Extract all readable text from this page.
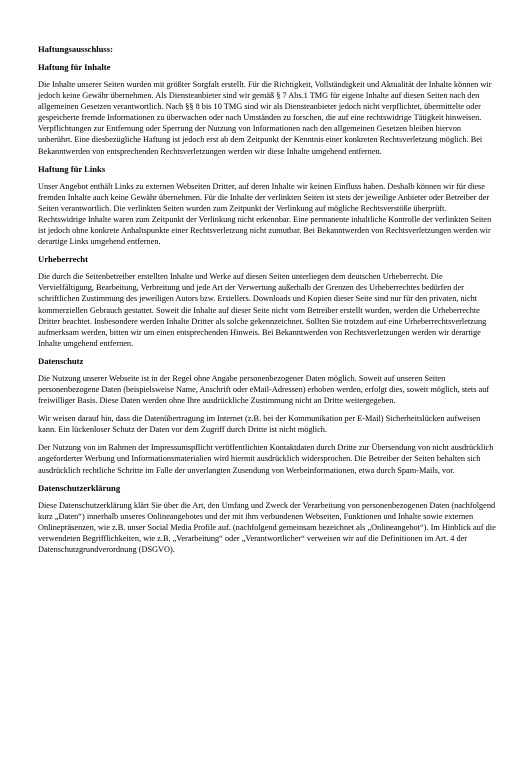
Haftungsausschluss:
Haftung für Inhalte

Die Inhalte unserer Seiten wurden mit größter Sorgfalt erstellt. Für die Richtigkeit, Vollständigkeit und Aktualität der Inhalte können wir jedoch keine Gewähr übernehmen. Als Diensteanbieter sind wir gemäß § 7 Abs.1 TMG für eigene Inhalte auf diesen Seiten nach den allgemeinen Gesetzen verantwortlich. Nach §§ 8 bis 10 TMG sind wir als Diensteanbieter jedoch nicht verpflichtet, übermittelte oder gespeicherte fremde Informationen zu überwachen oder nach Umständen zu forschen, die auf eine rechtswidrige Tätigkeit hinweisen. Verpflichtungen zur Entfernung oder Sperrung der Nutzung von Informationen nach den allgemeinen Gesetzen bleiben hiervon unberührt. Eine diesbezügliche Haftung ist jedoch erst ab dem Zeitpunkt der Kenntnis einer konkreten Rechtsverletzung möglich. Bei Bekanntwerden von entsprechenden Rechtsverletzungen werden wir diese Inhalte umgehend entfernen.

Haftung für Links

Unser Angebot enthält Links zu externen Webseiten Dritter, auf deren Inhalte wir keinen Einfluss haben. Deshalb können wir für diese fremden Inhalte auch keine Gewähr übernehmen. Für die Inhalte der verlinkten Seiten ist stets der jeweilige Anbieter oder Betreiber der Seiten verantwortlich. Die verlinkten Seiten wurden zum Zeitpunkt der Verlinkung auf mögliche Rechtsverstöße überprüft. Rechtswidrige Inhalte waren zum Zeitpunkt der Verlinkung nicht erkennbar. Eine permanente inhaltliche Kontrolle der verlinkten Seiten ist jedoch ohne konkrete Anhaltspunkte einer Rechtsverletzung nicht zumutbar. Bei Bekanntwerden von Rechtsverletzungen werden wir derartige Links umgehend entfernen.

Urheberrecht

Die durch die Seitenbetreiber erstellten Inhalte und Werke auf diesen Seiten unterliegen dem deutschen Urheberrecht. Die Vervielfältigung, Bearbeitung, Verbreitung und jede Art der Verwertung außerhalb der Grenzen des Urheberrechtes bedürfen der schriftlichen Zustimmung des jeweiligen Autors bzw. Erstellers. Downloads und Kopien dieser Seite sind nur für den privaten, nicht kommerziellen Gebrauch gestattet. Soweit die Inhalte auf dieser Seite nicht vom Betreiber erstellt wurden, werden die Urheberrechte Dritter beachtet. Insbesondere werden Inhalte Dritter als solche gekennzeichnet. Sollten Sie trotzdem auf eine Urheberrechtsverletzung aufmerksam werden, bitten wir um einen entsprechenden Hinweis. Bei Bekanntwerden von Rechtsverletzungen werden wir derartige Inhalte umgehend entfernen.

Datenschutz

Die Nutzung unserer Webseite ist in der Regel ohne Angabe personenbezogener Daten möglich. Soweit auf unseren Seiten personenbezogene Daten (beispielsweise Name, Anschrift oder eMail-Adressen) erhoben werden, erfolgt dies, soweit möglich, stets auf freiwilliger Basis. Diese Daten werden ohne Ihre ausdrückliche Zustimmung nicht an Dritte weitergegeben.

Wir weisen darauf hin, dass die Datenübertragung im Internet (z.B. bei der Kommunikation per E-Mail) Sicherheitslücken aufweisen kann. Ein lückenloser Schutz der Daten vor dem Zugriff durch Dritte ist nicht möglich.

Der Nutzung von im Rahmen der Impressumspflicht veröffentlichten Kontaktdaten durch Dritte zur Übersendung von nicht ausdrücklich angeforderter Werbung und Informationsmaterialien wird hiermit ausdrücklich widersprochen. Die Betreiber der Seiten behalten sich ausdrücklich rechtliche Schritte im Falle der unverlangten Zusendung von Werbeinformationen, etwa durch Spam-Mails, vor.

Datenschutzerklärung

Diese Datenschutzerklärung klärt Sie über die Art, den Umfang und Zweck der Verarbeitung von personenbezogenen Daten (nachfolgend kurz „Daten“) innerhalb unseres Onlineangebotes und der mit ihm verbundenen Webseiten, Funktionen und Inhalte sowie externen Onlinepräsenzen, wie z.B. unser Social Media Profile auf. (nachfolgend gemeinsam bezeichnet als „Onlineangebot“). Im Hinblick auf die verwendeten Begrifflichkeiten, wie z.B. „Verarbeitung“ oder „Verantwortlicher“ verweisen wir auf die Definitionen im Art. 4 der Datenschutzgrundverordnung (DSGVO).
